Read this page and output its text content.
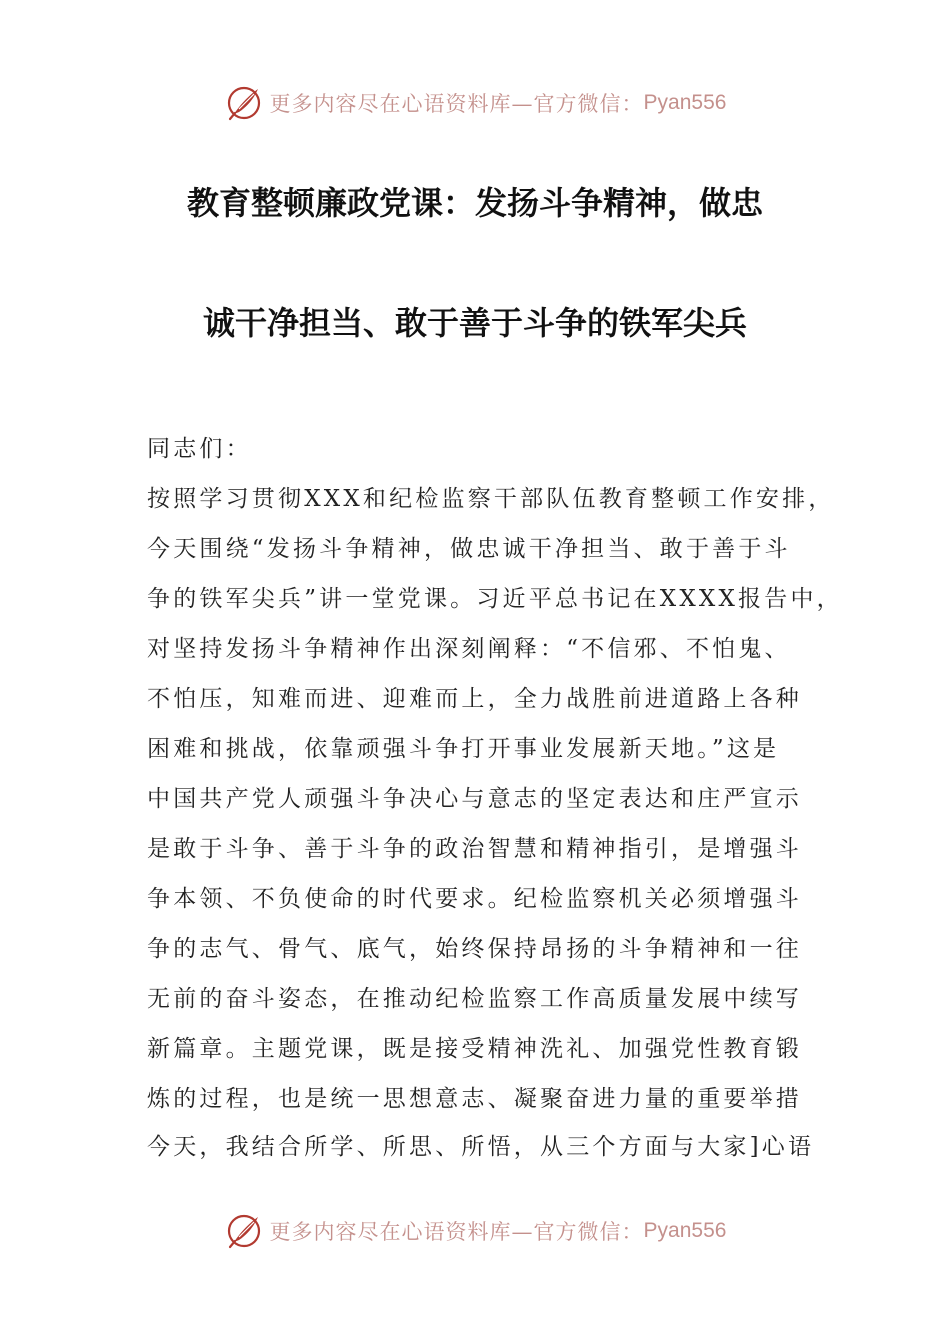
更多内容尽在心语资料库—官方微信： Pyan556
教育整顿廉政党课：发扬斗争精神，做忠
诚干净担当、敢于善于斗争的铁军尖兵
同志们：
按照学习贯彻XXX和纪检监察干部队伍教育整顿工作安排，
今天围绕“发扬斗争精神，做忠诚干净担当、敢于善于斗
争的铁军尖兵”讲一堂党课。习近平总书记在XXXX报告中，
对坚持发扬斗争精神作出深刻阐释：“不信邪、不怕鬼、
不怕压，知难而进、迎难而上，全力战胜前进道路上各种
困难和挑战，依靠顽强斗争打开事业发展新天地。”这是
中国共产党人顽强斗争决心与意志的坚定表达和庄严宣示
是敢于斗争、善于斗争的政治智慧和精神指引，是增强斗
争本领、不负使命的时代要求。纪检监察机关必须增强斗
争的志气、骨气、底气，始终保持昂扬的斗争精神和一往
无前的奋斗姿态，在推动纪检监察工作高质量发展中续写
新篇章。主题党课，既是接受精神洗礼、加强党性教育锻
炼的过程，也是统一思想意志、凝聚奋进力量的重要举措
今天，我结合所学、所思、所悟，从三个方面与大家]心语
更多内容尽在心语资料库—官方微信： Pyan556
